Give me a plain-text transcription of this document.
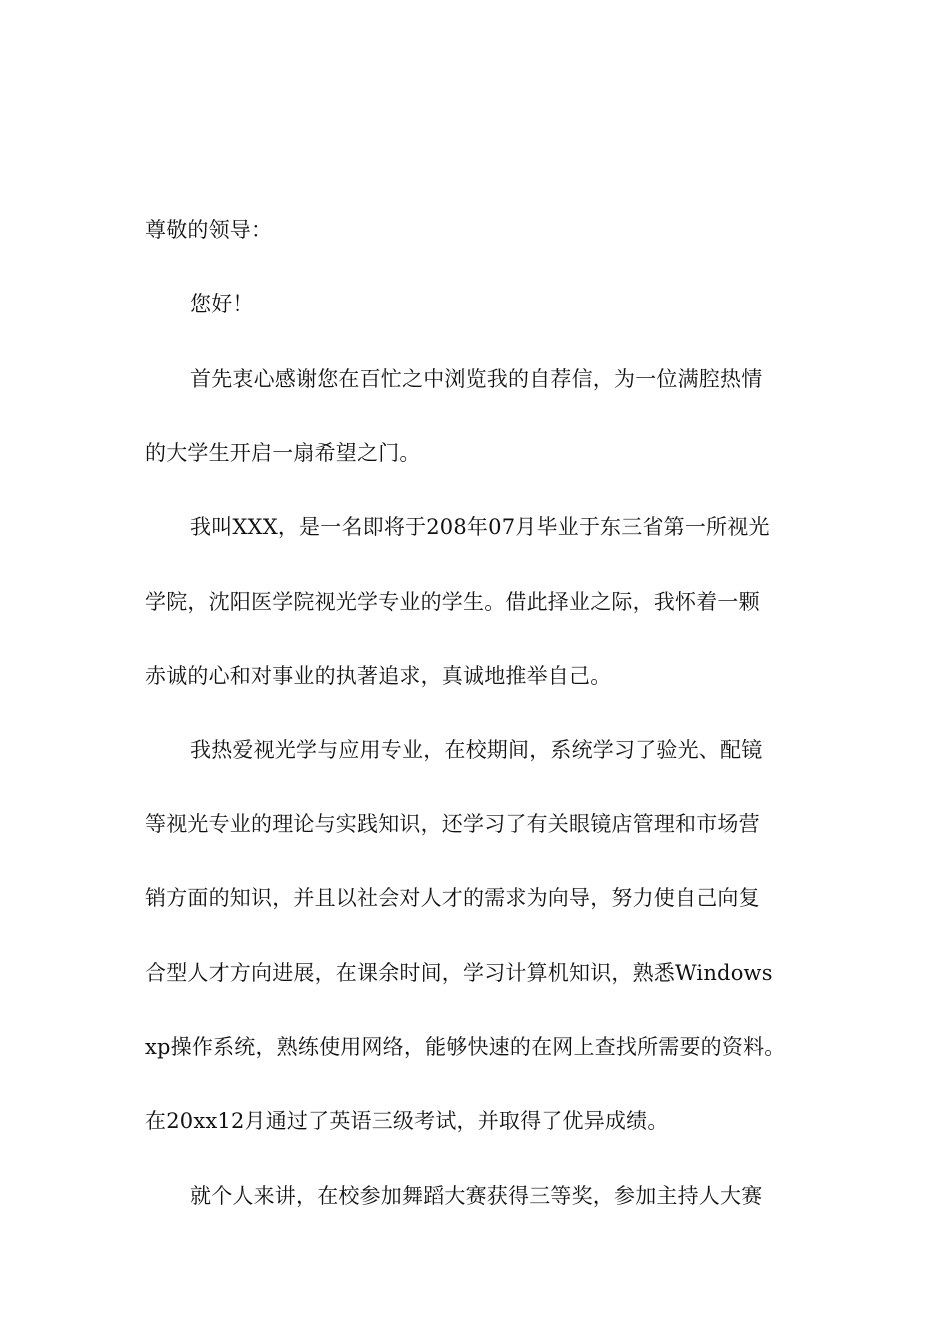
尊敬的领导：
您好！
首先衷心感谢您在百忙之中浏览我的自荐信，为一位满腔热情
的大学生开启一扇希望之门。
我叫XXX，是一名即将于208年07月毕业于东三省第一所视光
学院，沈阳医学院视光学专业的学生。借此择业之际，我怀着一颗
赤诚的心和对事业的执著追求，真诚地推举自己。
我热爱视光学与应用专业，在校期间，系统学习了验光、配镜
等视光专业的理论与实践知识，还学习了有关眼镜店管理和市场营
销方面的知识，并且以社会对人才的需求为向导，努力使自己向复
合型人才方向进展，在课余时间，学习计算机知识，熟悉Windows
xp操作系统，熟练使用网络，能够快速的在网上查找所需要的资料。
在20xx12月通过了英语三级考试，并取得了优异成绩。
就个人来讲，在校参加舞蹈大赛获得三等奖，参加主持人大赛
